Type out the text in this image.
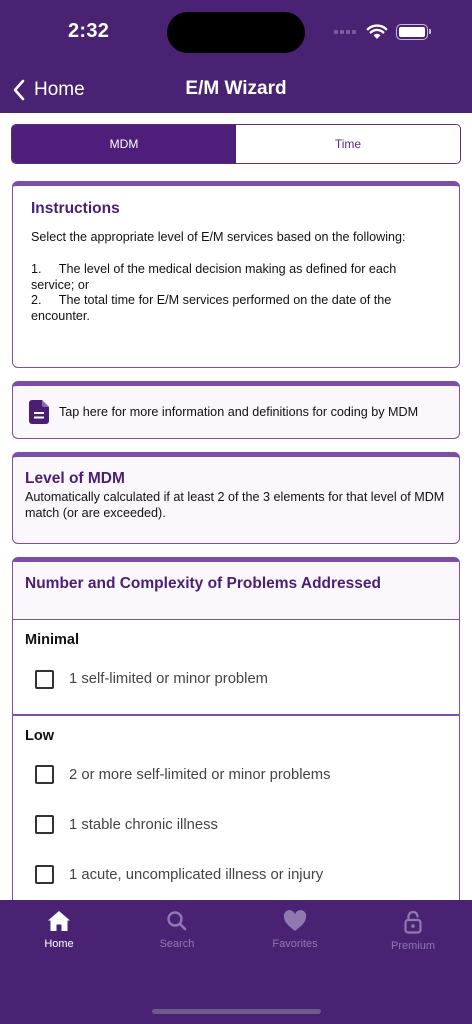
2:32
Home	E/M Wizard
MDM	Time
Instructions
Select the appropriate level of E/M services based on the following:
1.     The level of the medical decision making as defined for each service; or
2.     The total time for E/M services performed on the date of the encounter.
Tap here for more information and definitions for coding by MDM
Level of MDM
Automatically calculated if at least 2 of the 3 elements for that level of MDM match (or are exceeded).
Number and Complexity of Problems Addressed
Minimal
1 self-limited or minor problem
Low
2 or more self-limited or minor problems
1 stable chronic illness
1 acute, uncomplicated illness or injury
Home	Search	Favorites	Premium
